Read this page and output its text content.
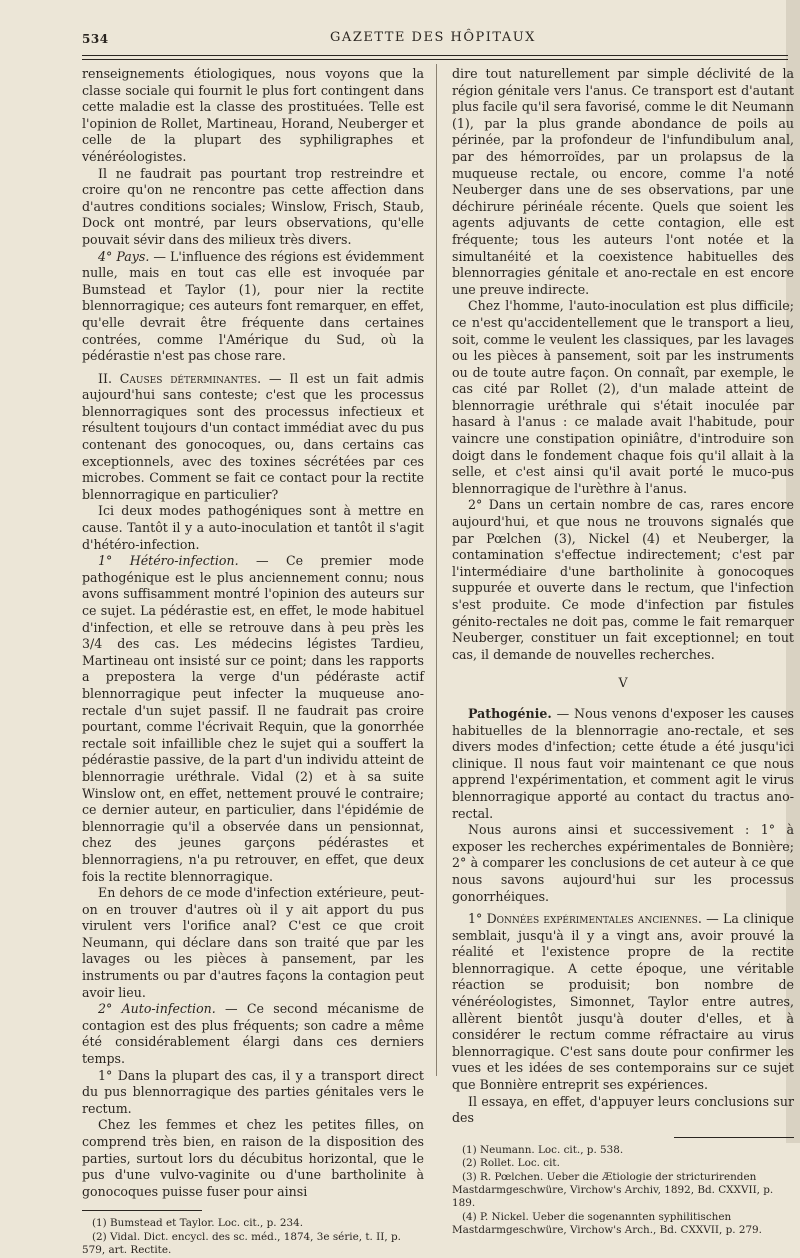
534	GAZETTE DES HÔPITAUX

renseignements étiologiques, nous voyons que la classe sociale qui fournit le plus fort contingent dans cette maladie est la classe des prostituées. Telle est l'opinion de Rollet, Martineau, Horand, Neuberger et celle de la plupart des syphiligraphes et vénéréologistes.

Il ne faudrait pas pourtant trop restreindre et croire qu'on ne rencontre pas cette affection dans d'autres conditions sociales; Winslow, Frisch, Staub, Dock ont montré, par leurs observations, qu'elle pouvait sévir dans des milieux très divers.

4° Pays. — L'influence des régions est évidemment nulle, mais en tout cas elle est invoquée par Bumstead et Taylor (1), pour nier la rectite blennorragique; ces auteurs font remarquer, en effet, qu'elle devrait être fréquente dans certaines contrées, comme l'Amérique du Sud, où la pédérastie n'est pas chose rare.

II. Causes déterminantes. — Il est un fait admis aujourd'hui sans conteste; c'est que les processus blennorragiques sont des processus infectieux et résultent toujours d'un contact immédiat avec du pus contenant des gonocoques, ou, dans certains cas exceptionnels, avec des toxines sécrétées par ces microbes. Comment se fait ce contact pour la rectite blennorragique en particulier?

Ici deux modes pathogéniques sont à mettre en cause. Tantôt il y a auto-inoculation et tantôt il s'agit d'hétéro-infection.

1° Hétéro-infection. — Ce premier mode pathogénique est le plus anciennement connu; nous avons suffisamment montré l'opinion des auteurs sur ce sujet. La pédérastie est, en effet, le mode habituel d'infection, et elle se retrouve dans à peu près les 3/4 des cas. Les médecins légistes Tardieu, Martineau ont insisté sur ce point; dans les rapports a prepostera la verge d'un pédéraste actif blennorragique peut infecter la muqueuse ano-rectale d'un sujet passif. Il ne faudrait pas croire pourtant, comme l'écrivait Requin, que la gonorrhée rectale soit infaillible chez le sujet qui a souffert la pédérastie passive, de la part d'un individu atteint de blennorragie uréthrale. Vidal (2) et à sa suite Winslow ont, en effet, nettement prouvé le contraire; ce dernier auteur, en particulier, dans l'épidémie de blennorragie qu'il a observée dans un pensionnat, chez des jeunes garçons pédérastes et blennorragiens, n'a pu retrouver, en effet, que deux fois la rectite blennorragique.

En dehors de ce mode d'infection extérieure, peut-on en trouver d'autres où il y ait apport du pus virulent vers l'orifice anal? C'est ce que croit Neumann, qui déclare dans son traité que par les lavages ou les pièces à pansement, par les instruments ou par d'autres façons la contagion peut avoir lieu.

2° Auto-infection. — Ce second mécanisme de contagion est des plus fréquents; son cadre a même été considérablement élargi dans ces derniers temps.

1° Dans la plupart des cas, il y a transport direct du pus blennorragique des parties génitales vers le rectum.

Chez les femmes et chez les petites filles, on comprend très bien, en raison de la disposition des parties, surtout lors du décubitus horizontal, que le pus d'une vulvo-vaginite ou d'une bartholinite à gonocoques puisse fuser pour ainsi

(1) Bumstead et Taylor. Loc. cit., p. 234.

(2) Vidal. Dict. encycl. des sc. méd., 1874, 3e série, t. II, p. 579, art. Rectite.

dire tout naturellement par simple déclivité de la région génitale vers l'anus. Ce transport est d'autant plus facile qu'il sera favorisé, comme le dit Neumann (1), par la plus grande abondance de poils au périnée, par la profondeur de l'infundibulum anal, par des hémorroïdes, par un prolapsus de la muqueuse rectale, ou encore, comme l'a noté Neuberger dans une de ses observations, par une déchirure périnéale récente. Quels que soient les agents adjuvants de cette contagion, elle est fréquente; tous les auteurs l'ont notée et la simultanéité et la coexistence habituelles des blennorragies génitale et ano-rectale en est encore une preuve indirecte.

Chez l'homme, l'auto-inoculation est plus difficile; ce n'est qu'accidentellement que le transport a lieu, soit, comme le veulent les classiques, par les lavages ou les pièces à pansement, soit par les instruments ou de toute autre façon. On connaît, par exemple, le cas cité par Rollet (2), d'un malade atteint de blennorragie uréthrale qui s'était inoculée par hasard à l'anus : ce malade avait l'habitude, pour vaincre une constipation opiniâtre, d'introduire son doigt dans le fondement chaque fois qu'il allait à la selle, et c'est ainsi qu'il avait porté le muco-pus blennorragique de l'urèthre à l'anus.

2° Dans un certain nombre de cas, rares encore aujourd'hui, et que nous ne trouvons signalés que par Pœlchen (3), Nickel (4) et Neuberger, la contamination s'effectue indirectement; c'est par l'intermédiaire d'une bartholinite à gonocoques suppurée et ouverte dans le rectum, que l'infection s'est produite. Ce mode d'infection par fistules génito-rectales ne doit pas, comme le fait remarquer Neuberger, constituer un fait exceptionnel; en tout cas, il demande de nouvelles recherches.

V

Pathogénie. — Nous venons d'exposer les causes habituelles de la blennorragie ano-rectale, et ses divers modes d'infection; cette étude a été jusqu'ici clinique. Il nous faut voir maintenant ce que nous apprend l'expérimentation, et comment agit le virus blennorragique apporté au contact du tractus ano-rectal.

Nous aurons ainsi et successivement : 1° à exposer les recherches expérimentales de Bonnière; 2° à comparer les conclusions de cet auteur à ce que nous savons aujourd'hui sur les processus gonorrhéiques.

1° Données expérimentales anciennes. — La clinique semblait, jusqu'à il y a vingt ans, avoir prouvé la réalité et l'existence propre de la rectite blennorragique. A cette époque, une véritable réaction se produisit; bon nombre de vénéréologistes, Simonnet, Taylor entre autres, allèrent bientôt jusqu'à douter d'elles, et à considérer le rectum comme réfractaire au virus blennorragique. C'est sans doute pour confirmer les vues et les idées de ses contemporains sur ce sujet que Bonnière entreprit ses expériences.

Il essaya, en effet, d'appuyer leurs conclusions sur des

(1) Neumann. Loc. cit., p. 538.

(2) Rollet. Loc. cit.

(3) R. Pœlchen. Ueber die Ætiologie der stricturirenden Mastdarmgeschwüre, Virchow's Archiv, 1892, Bd. CXXVII, p. 189.

(4) P. Nickel. Ueber die sogenannten syphilitischen Mastdarmgeschwüre, Virchow's Arch., Bd. CXXVII, p. 279.
